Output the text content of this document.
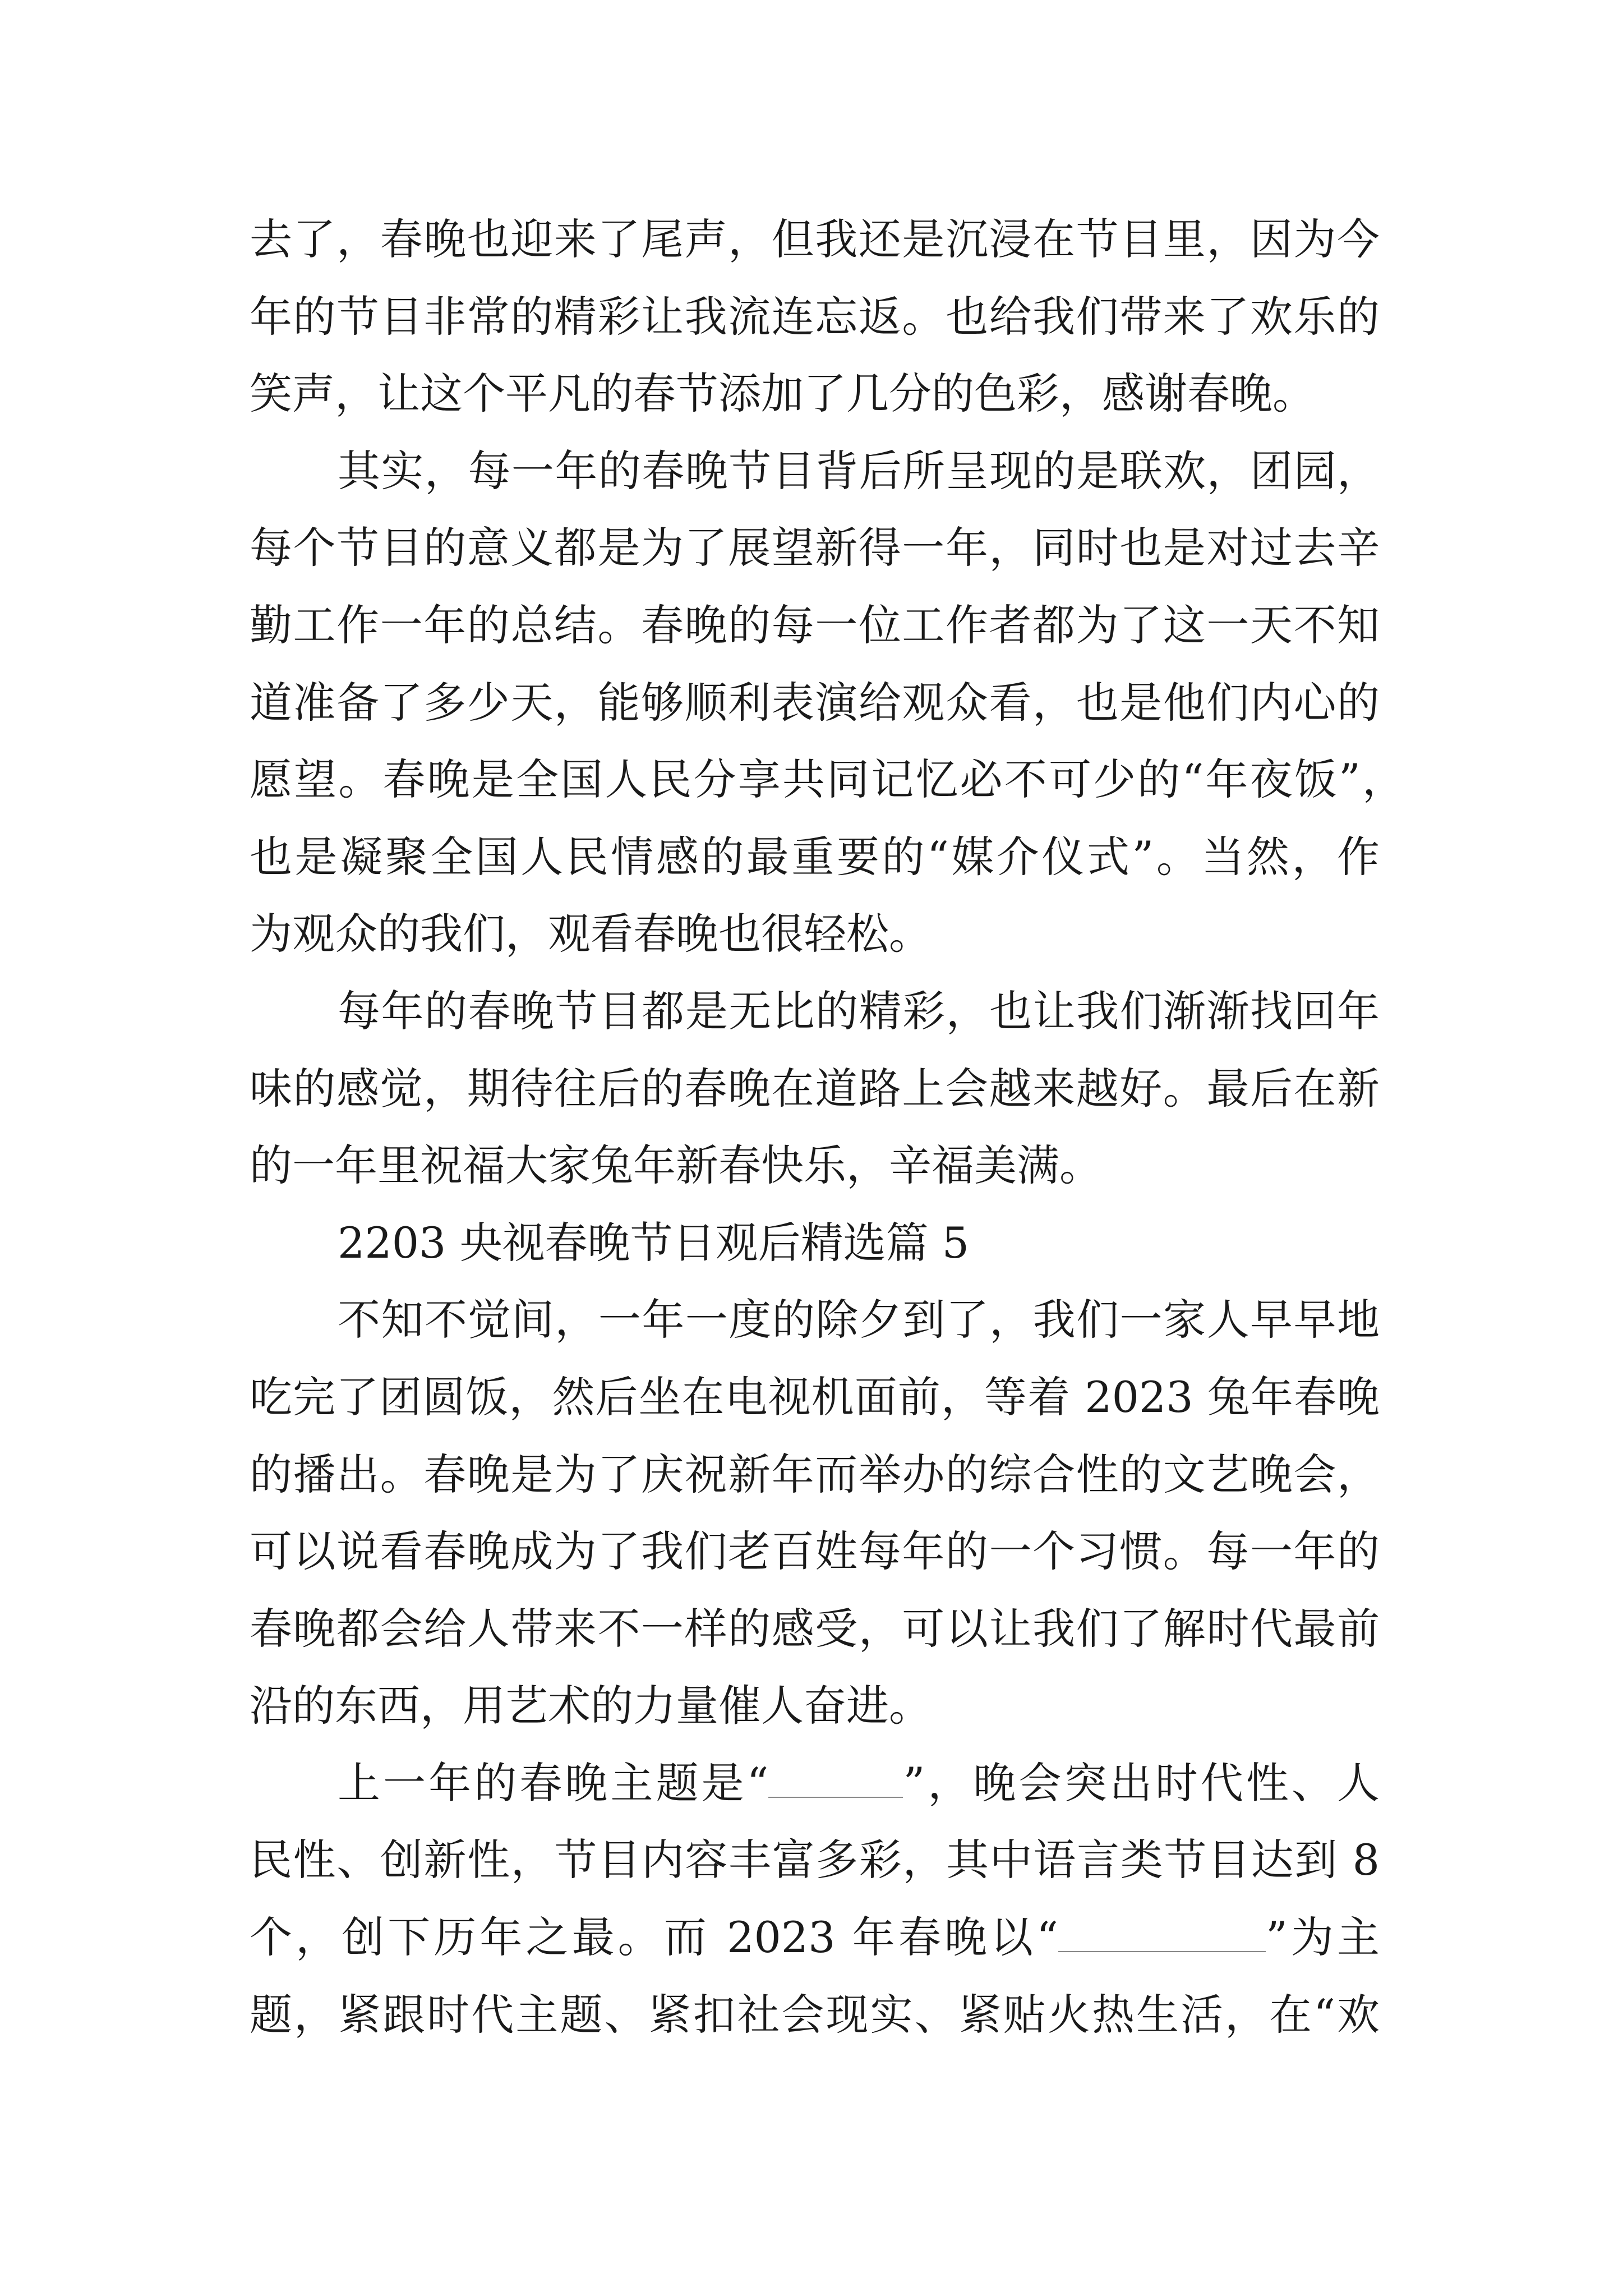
去了，春晚也迎来了尾声，但我还是沉浸在节目里，因为今
年的节目非常的精彩让我流连忘返。也给我们带来了欢乐的
笑声，让这个平凡的春节添加了几分的色彩，感谢春晚。
其实，每一年的春晚节目背后所呈现的是联欢，团园，
每个节目的意义都是为了展望新得一年，同时也是对过去辛
勤工作一年的总结。春晚的每一位工作者都为了这一天不知
道准备了多少天，能够顺利表演给观众看，也是他们内心的
愿望。春晚是全国人民分享共同记忆必不可少的“年夜饭”，
也是凝聚全国人民情感的最重要的“媒介仪式”。当然，作
为观众的我们，观看春晚也很轻松。
每年的春晚节目都是无比的精彩，也让我们渐渐找回年
味的感觉，期待往后的春晚在道路上会越来越好。最后在新
的一年里祝福大家兔年新春快乐，辛福美满。
2203 央视春晚节日观后精选篇 5
不知不觉间，一年一度的除夕到了，我们一家人早早地
吃完了团圆饭，然后坐在电视机面前，等着 2023 兔年春晚
的播出。春晚是为了庆祝新年而举办的综合性的文艺晚会，
可以说看春晚成为了我们老百姓每年的一个习惯。每一年的
春晚都会给人带来不一样的感受，可以让我们了解时代最前
沿的东西，用艺术的力量催人奋进。
上一年的春晚主题是“	”，晚会突出时代性、人
民性、创新性，节目内容丰富多彩，其中语言类节目达到 8
个，创下历年之最。而 2023 年春晚以“	”为主
题，紧跟时代主题、紧扣社会现实、紧贴火热生活，在“欢
